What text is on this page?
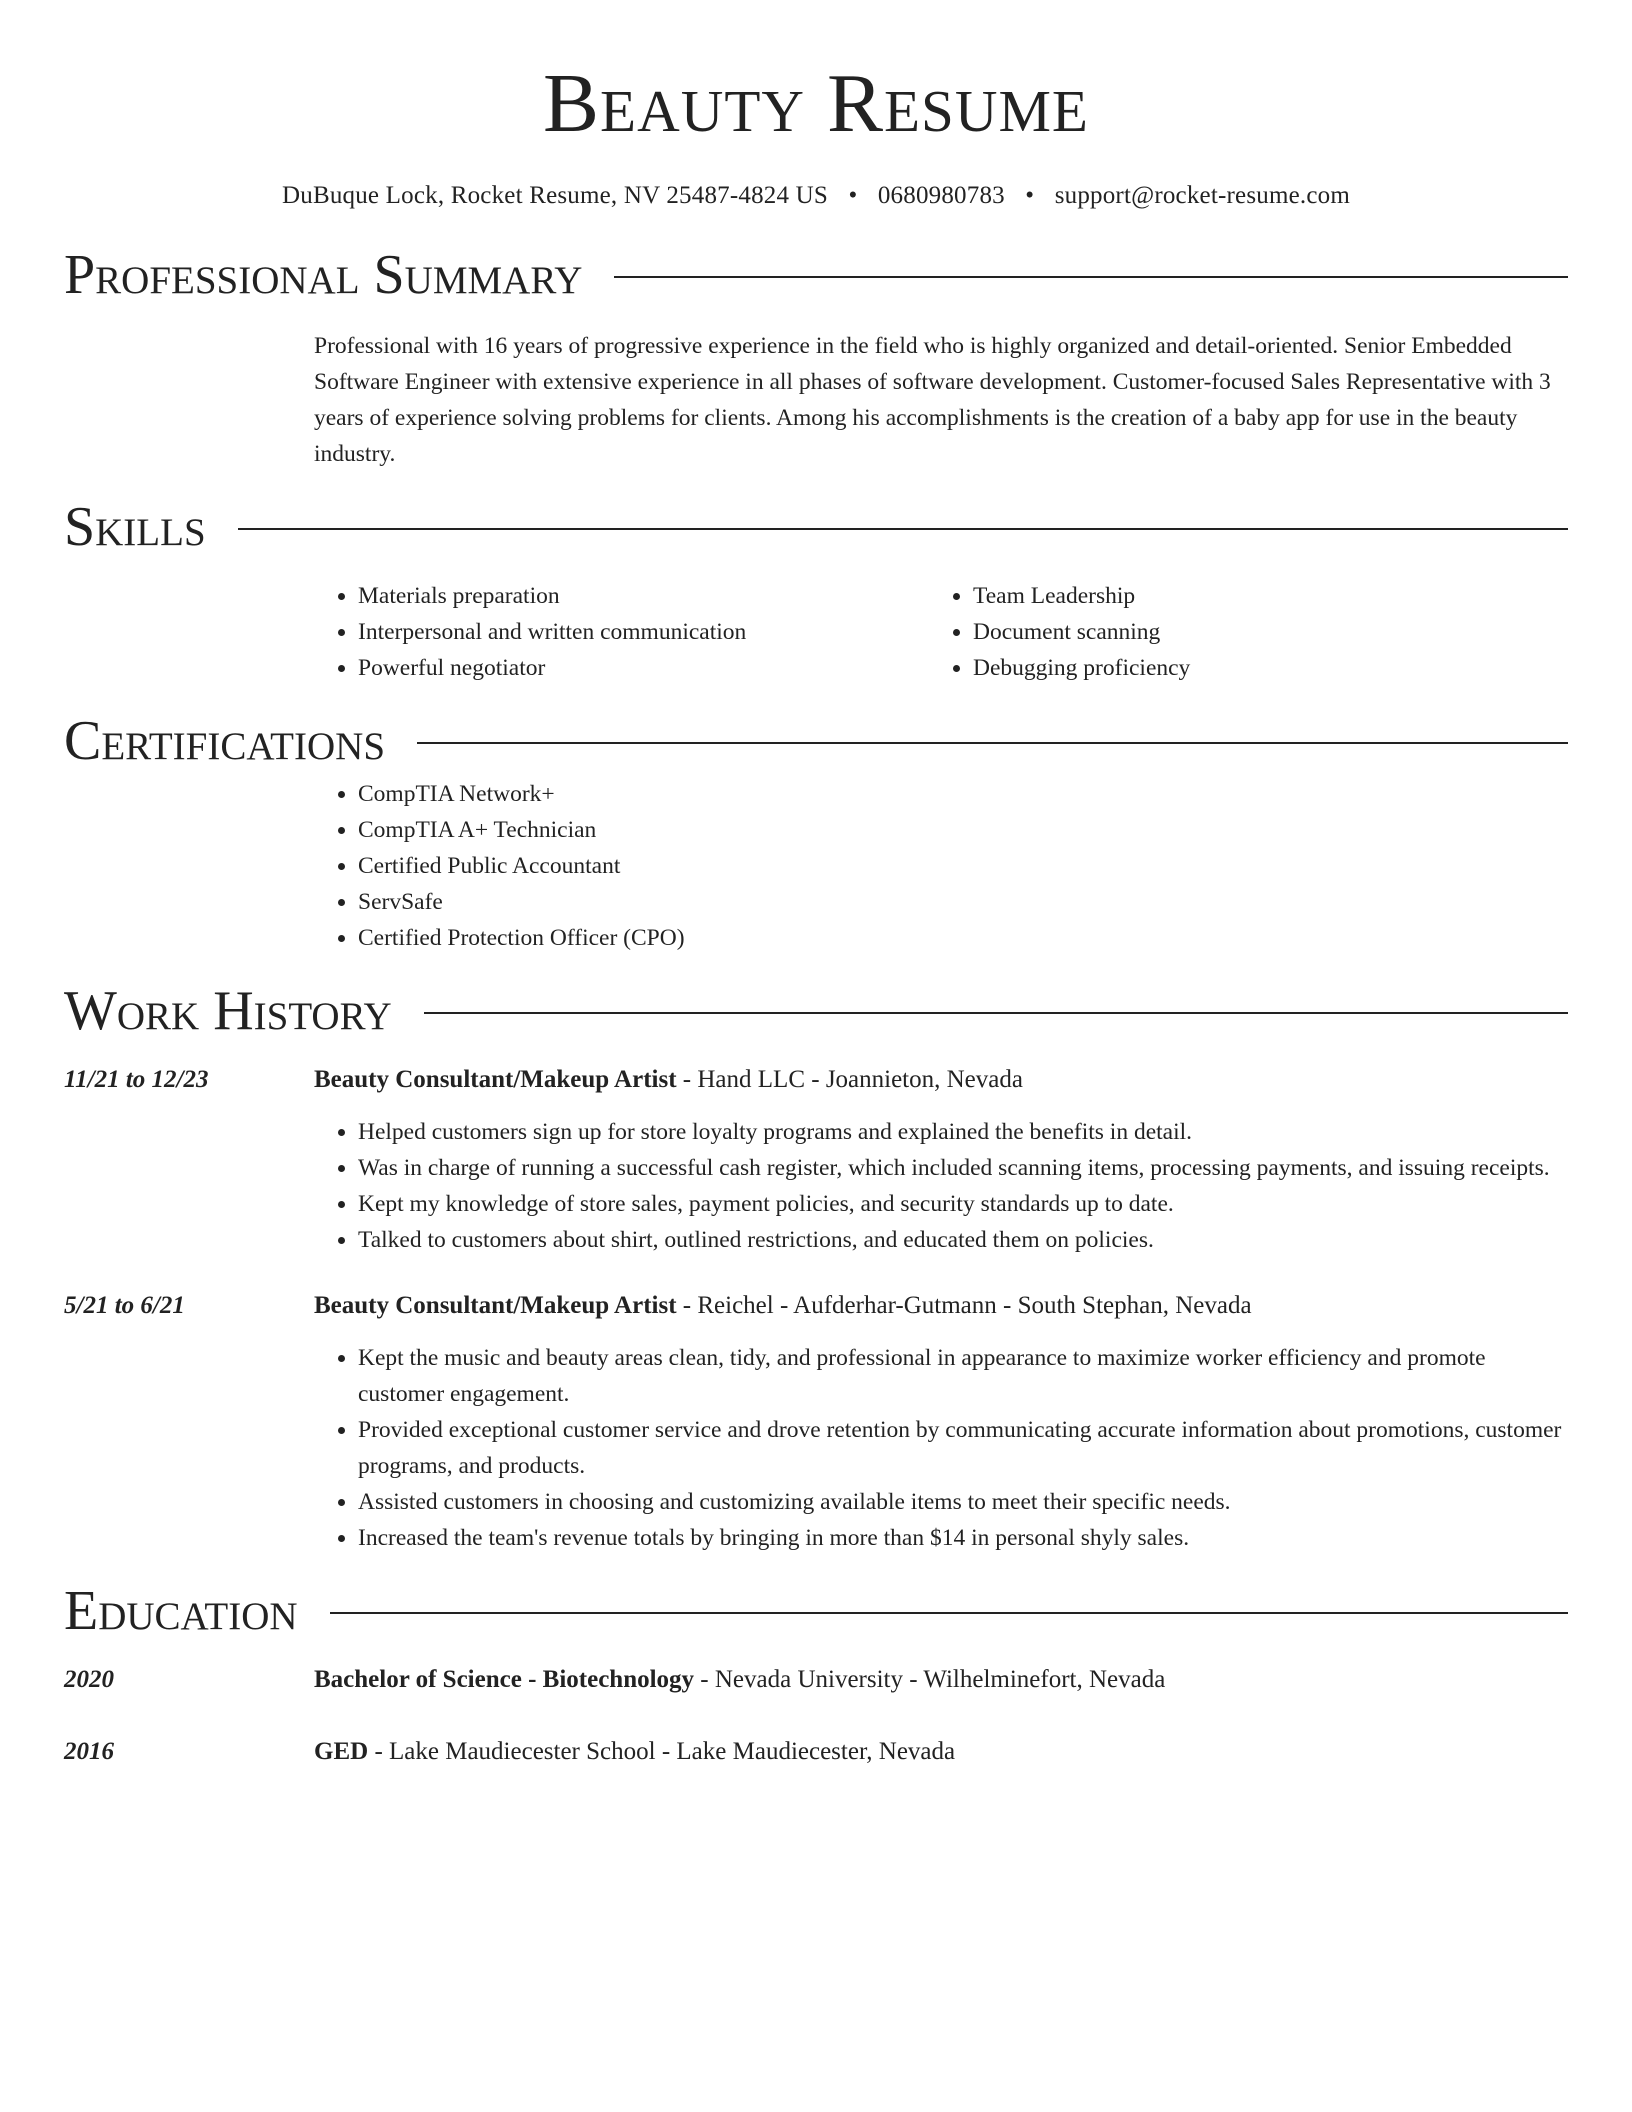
Beauty Resume
DuBuque Lock, Rocket Resume, NV 25487-4824 US • 0680980783 • support@rocket-resume.com
Professional Summary

Professional with 16 years of progressive experience in the field who is highly organized and detail-oriented. Senior Embedded Software Engineer with extensive experience in all phases of software development. Customer-focused Sales Representative with 3 years of experience solving problems for clients. Among his accomplishments is the creation of a baby app for use in the beauty industry.

Skills
• Materials preparation
• Interpersonal and written communication
• Powerful negotiator
• Team Leadership
• Document scanning
• Debugging proficiency
Certifications
• CompTIA Network+
• CompTIA A+ Technician
• Certified Public Accountant
• ServSafe
• Certified Protection Officer (CPO)
Work History
11/21 to 12/23	Beauty Consultant/Makeup Artist - Hand LLC - Joannieton, Nevada
• Helped customers sign up for store loyalty programs and explained the benefits in detail.
• Was in charge of running a successful cash register, which included scanning items, processing payments, and issuing receipts.
• Kept my knowledge of store sales, payment policies, and security standards up to date.
• Talked to customers about shirt, outlined restrictions, and educated them on policies.
5/21 to 6/21	Beauty Consultant/Makeup Artist - Reichel - Aufderhar-Gutmann - South Stephan, Nevada
• Kept the music and beauty areas clean, tidy, and professional in appearance to maximize worker efficiency and promote customer engagement.
• Provided exceptional customer service and drove retention by communicating accurate information about promotions, customer programs, and products.
• Assisted customers in choosing and customizing available items to meet their specific needs.
• Increased the team's revenue totals by bringing in more than $14 in personal shyly sales.
Education
2020	Bachelor of Science - Biotechnology - Nevada University - Wilhelminefort, Nevada
2016	GED - Lake Maudiecester School - Lake Maudiecester, Nevada
